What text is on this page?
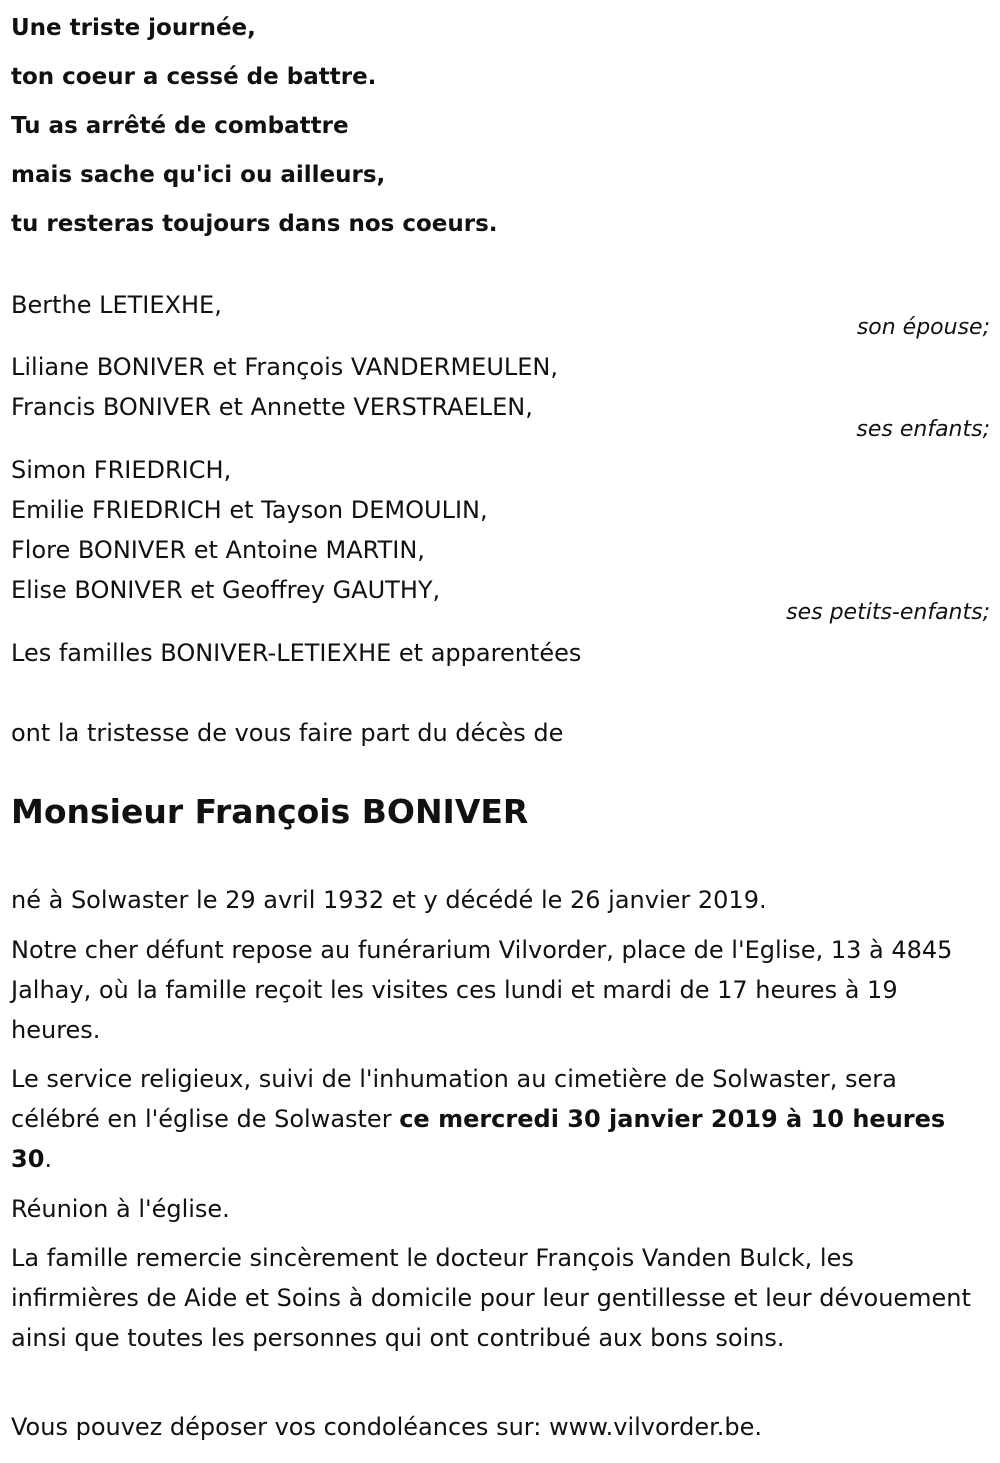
Une triste journée,
ton coeur a cessé de battre.
Tu as arrêté de combattre
mais sache qu'ici ou ailleurs,
tu resteras toujours dans nos coeurs.
Berthe LETIEXHE,
son épouse;
Liliane BONIVER et François VANDERMEULEN,
Francis BONIVER et Annette VERSTRAELEN,
ses enfants;
Simon FRIEDRICH,
Emilie FRIEDRICH et Tayson DEMOULIN,
Flore BONIVER et Antoine MARTIN,
Elise BONIVER et Geoffrey GAUTHY,
ses petits-enfants;
Les familles BONIVER-LETIEXHE et apparentées
ont la tristesse de vous faire part du décès de
Monsieur François BONIVER
né à Solwaster le 29 avril 1932 et y décédé le 26 janvier 2019.
Notre cher défunt repose au funérarium Vilvorder, place de l'Eglise, 13 à 4845 Jalhay, où la famille reçoit les visites ces lundi et mardi de 17 heures à 19 heures.
Le service religieux, suivi de l'inhumation au cimetière de Solwaster, sera célébré en l'église de Solwaster ce mercredi 30 janvier 2019 à 10 heures 30.
Réunion à l'église.
La famille remercie sincèrement le docteur François Vanden Bulck, les infirmières de Aide et Soins à domicile pour leur gentillesse et leur dévouement ainsi que toutes les personnes qui ont contribué aux bons soins.
Vous pouvez déposer vos condoléances sur: www.vilvorder.be.
